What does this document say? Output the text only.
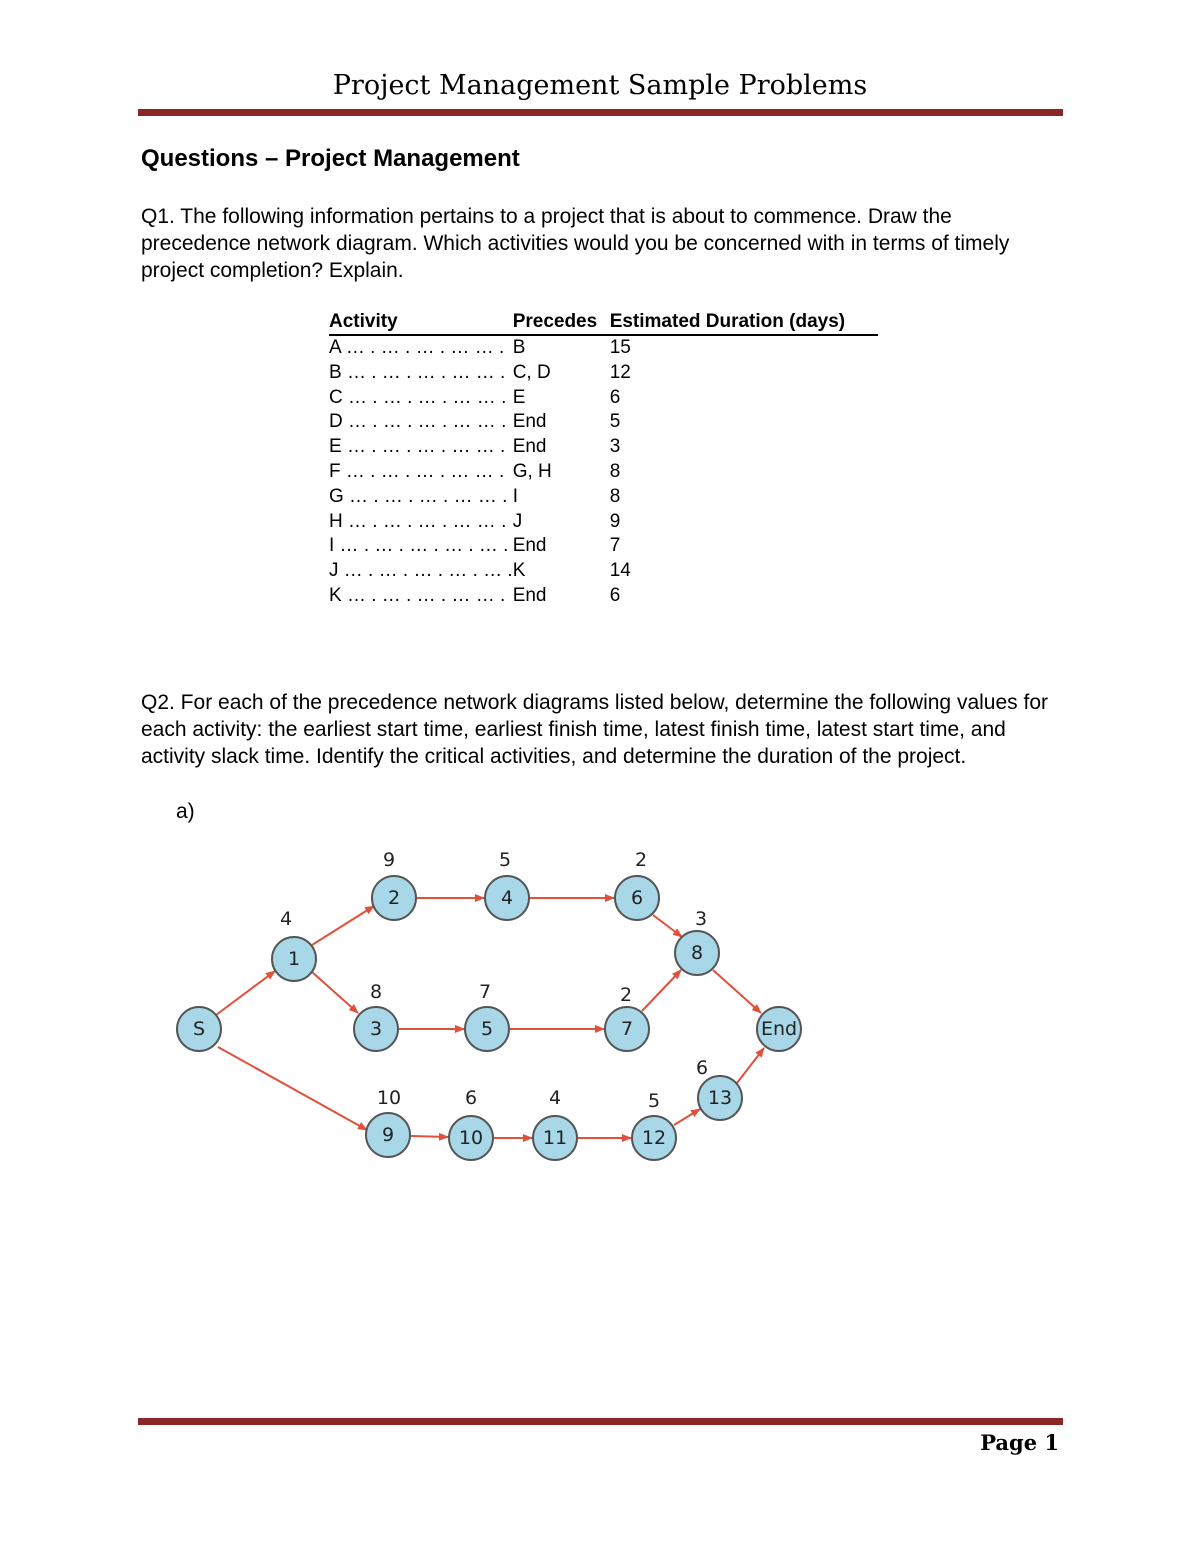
Project Management Sample Problems
Questions – Project Management

Q1. The following information pertains to a project that is about to commence. Draw the precedence network diagram. Which activities would you be concerned with in terms of timely project completion? Explain.

Activity	Precedes	Estimated Duration (days)
A … . … . … . … … .	B	15
B … . … . … . … … .	C, D	12
C … . … . … . … … .	E	6
D … . … . … . … … .	End	5
E … . … . … . … … .	End	3
F … . … . … . … … .	G, H	8
G … . … . … . … … .	I	8
H … . … . … . … … .	J	9
I … . … . … . … . … .	End	7
J … . … . … . … . … .	K	14
K … . … . … . … … .	End	6

Q2. For each of the precedence network diagrams listed below, determine the following values for each activity: the earliest start time, earliest finish time, latest finish time, latest start time, and activity slack time. Identify the critical activities, and determine the duration of the project.

a)
4
9	5	2
3
8	7	2
10	6	4	5
6
S
1
2	4	6
8
3	5	7	End
9	10	11	12
13
Page 1
